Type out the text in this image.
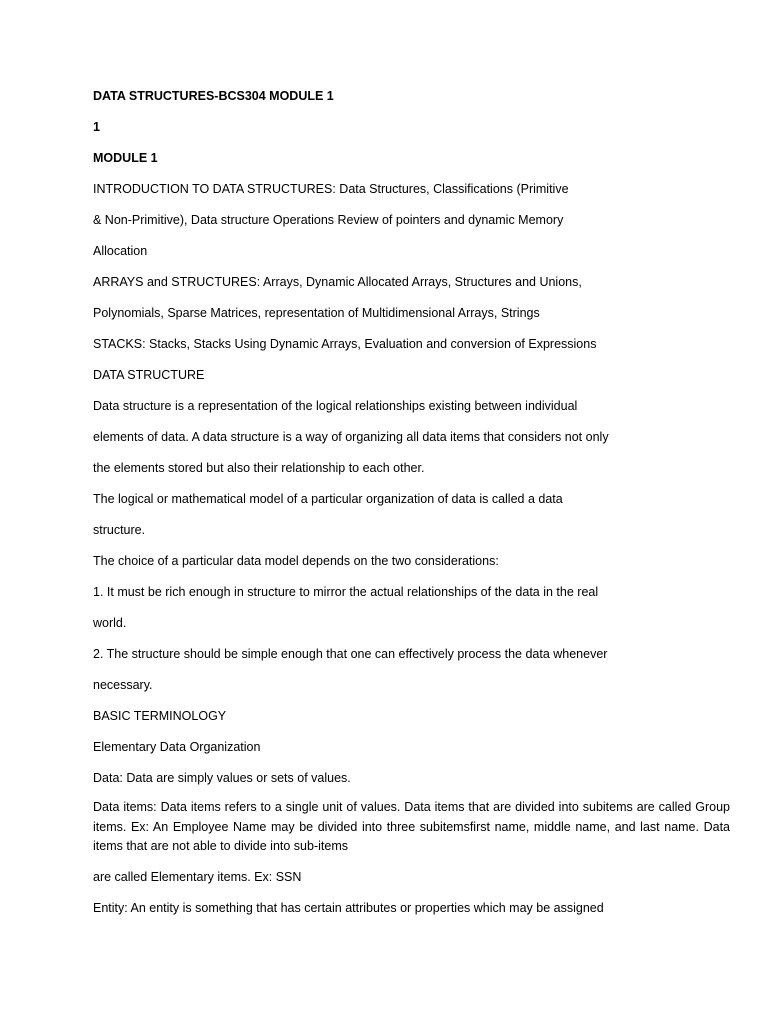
DATA STRUCTURES-BCS304 MODULE 1
1
MODULE 1
INTRODUCTION TO DATA STRUCTURES: Data Structures, Classifications (Primitive
& Non-Primitive), Data structure Operations Review of pointers and dynamic Memory
Allocation
ARRAYS and STRUCTURES: Arrays, Dynamic Allocated Arrays, Structures and Unions,
Polynomials, Sparse Matrices, representation of Multidimensional Arrays, Strings
STACKS: Stacks, Stacks Using Dynamic Arrays, Evaluation and conversion of Expressions
DATA STRUCTURE
Data structure is a representation of the logical relationships existing between individual
elements of data. A data structure is a way of organizing all data items that considers not only
the elements stored but also their relationship to each other.
The logical or mathematical model of a particular organization of data is called a data
structure.
The choice of a particular data model depends on the two considerations:
1. It must be rich enough in structure to mirror the actual relationships of the data in the real
world.
2. The structure should be simple enough that one can effectively process the data whenever
necessary.
BASIC TERMINOLOGY
Elementary Data Organization
Data: Data are simply values or sets of values.
Data items: Data items refers to a single unit of values. Data items that are divided into subitems are called Group items. Ex: An Employee Name may be divided into three subitemsfirst name, middle name, and last name. Data items that are not able to divide into sub-items
are called Elementary items. Ex: SSN
Entity: An entity is something that has certain attributes or properties which may be assigned
